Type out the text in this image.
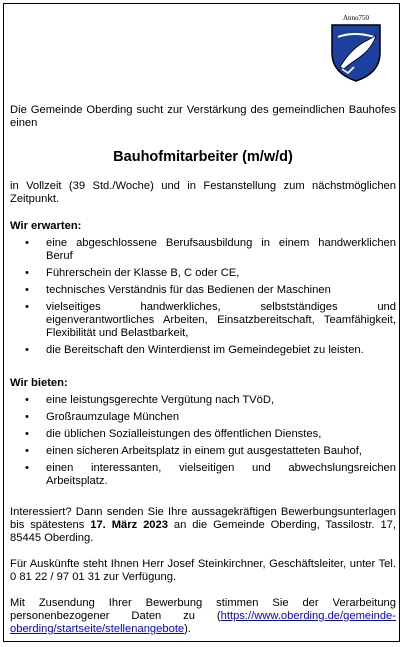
Anno750

Die Gemeinde Oberding sucht zur Verstärkung des gemeindlichen Bauhofes einen

Bauhofmitarbeiter (m/w/d)

in Vollzeit (39 Std./Woche) und in Festanstellung zum nächstmöglichen Zeitpunkt.

Wir erwarten:
• eine abgeschlossene Berufsausbildung in einem handwerklichen Beruf
• Führerschein der Klasse B, C oder CE,
• technisches Verständnis für das Bedienen der Maschinen
• vielseitiges handwerkliches, selbstständiges und eigenverantwortliches Arbeiten, Einsatzbereitschaft, Teamfähigkeit, Flexibilität und Belastbarkeit,
• die Bereitschaft den Winterdienst im Gemeindegebiet zu leisten.
Wir bieten:
• eine leistungsgerechte Vergütung nach TVöD,
• Großraumzulage München
• die üblichen Sozialleistungen des öffentlichen Dienstes,
• einen sicheren Arbeitsplatz in einem gut ausgestatteten Bauhof,
• einen interessanten, vielseitigen und abwechslungsreichen Arbeitsplatz.

Interessiert? Dann senden Sie Ihre aussagekräftigen Bewerbungsunterlagen bis spätestens 17. März 2023 an die Gemeinde Oberding, Tassilostr. 17, 85445 Oberding.

Für Auskünfte steht Ihnen Herr Josef Steinkirchner, Geschäftsleiter, unter Tel. 0 81 22 / 97 01 31 zur Verfügung.

Mit Zusendung Ihrer Bewerbung stimmen Sie der Verarbeitung personenbezogener Daten zu (https://www.oberding.de/gemeinde-oberding/startseite/stellenangebote).
